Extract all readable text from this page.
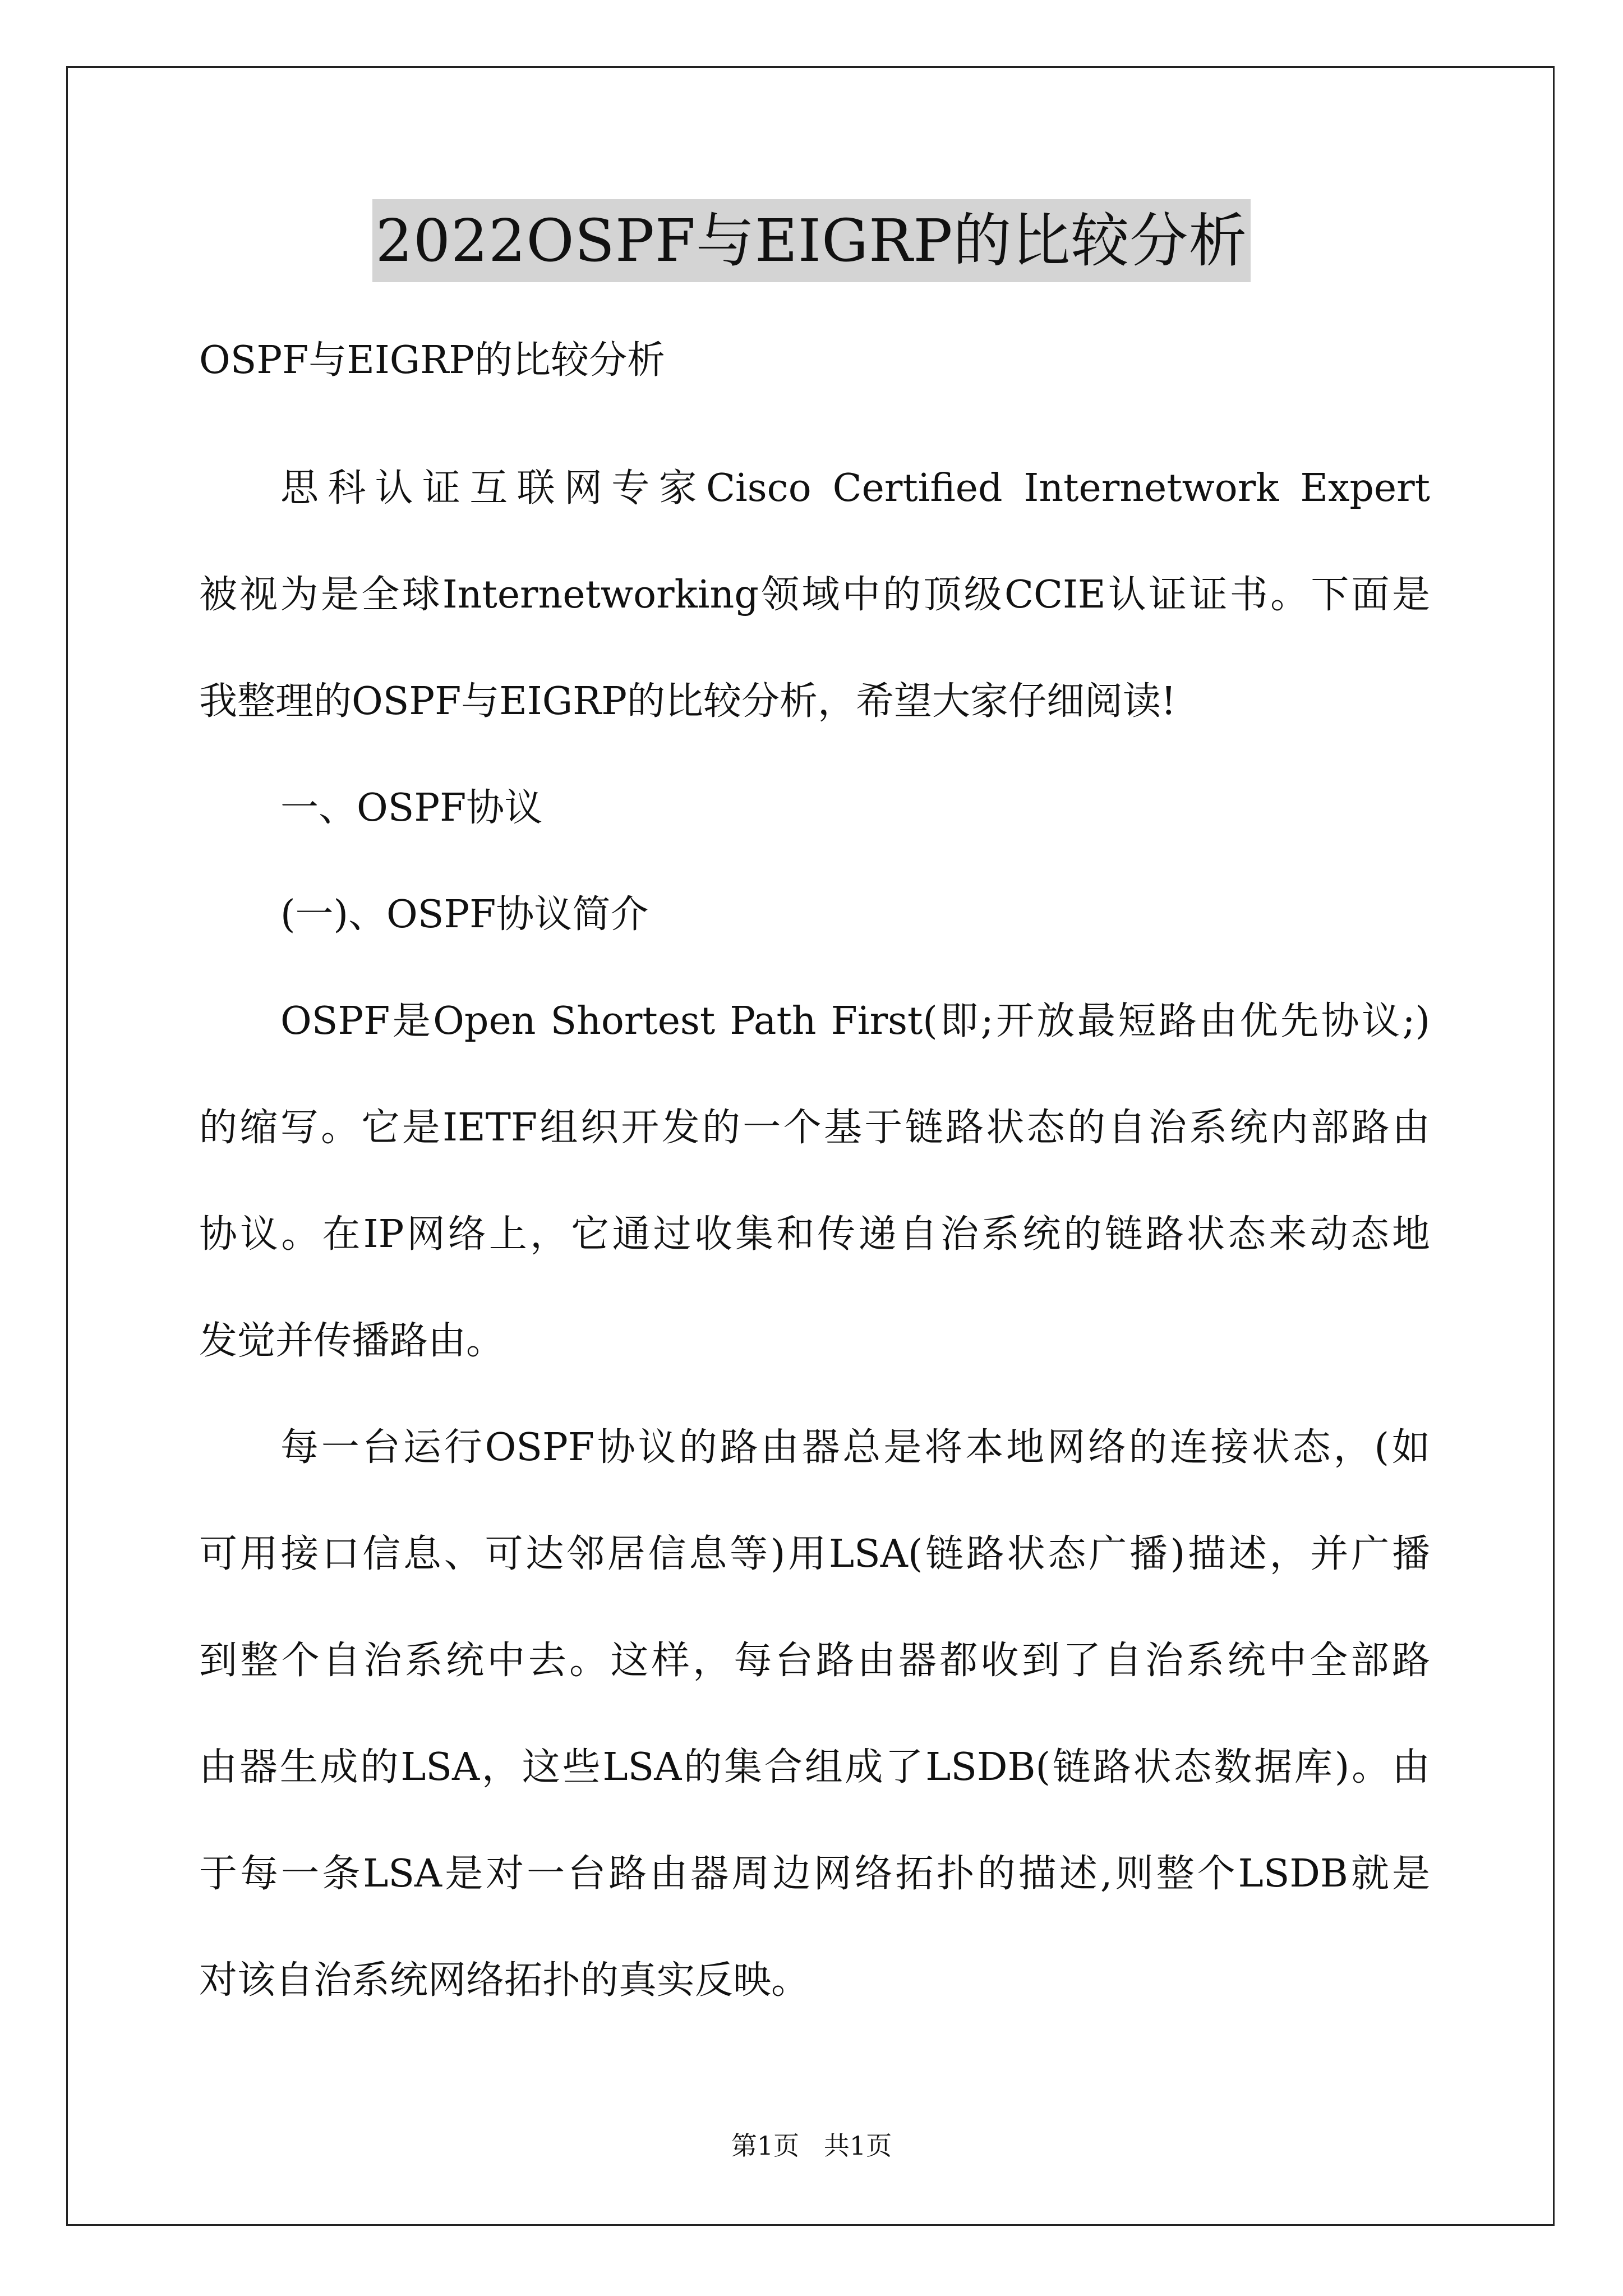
2022OSPF与EIGRP的比较分析
OSPF与EIGRP的比较分析
思科认证互联网专家Cisco Certified Internetwork Expert
被视为是全球Internetworking领域中的顶级CCIE认证证书。下面是
我整理的OSPF与EIGRP的比较分析，希望大家仔细阅读!
一、OSPF协议
(一)、OSPF协议简介
OSPF是Open Shortest Path First(即;开放最短路由优先协议;)
的缩写。它是IETF组织开发的一个基于链路状态的自治系统内部路由
协议。在IP网络上，它通过收集和传递自治系统的链路状态来动态地
发觉并传播路由。
每一台运行OSPF协议的路由器总是将本地网络的连接状态，(如
可用接口信息、可达邻居信息等)用LSA(链路状态广播)描述，并广播
到整个自治系统中去。这样，每台路由器都收到了自治系统中全部路
由器生成的LSA，这些LSA的集合组成了LSDB(链路状态数据库)。由
于每一条LSA是对一台路由器周边网络拓扑的描述,则整个LSDB就是
对该自治系统网络拓扑的真实反映。
第1页   共1页
